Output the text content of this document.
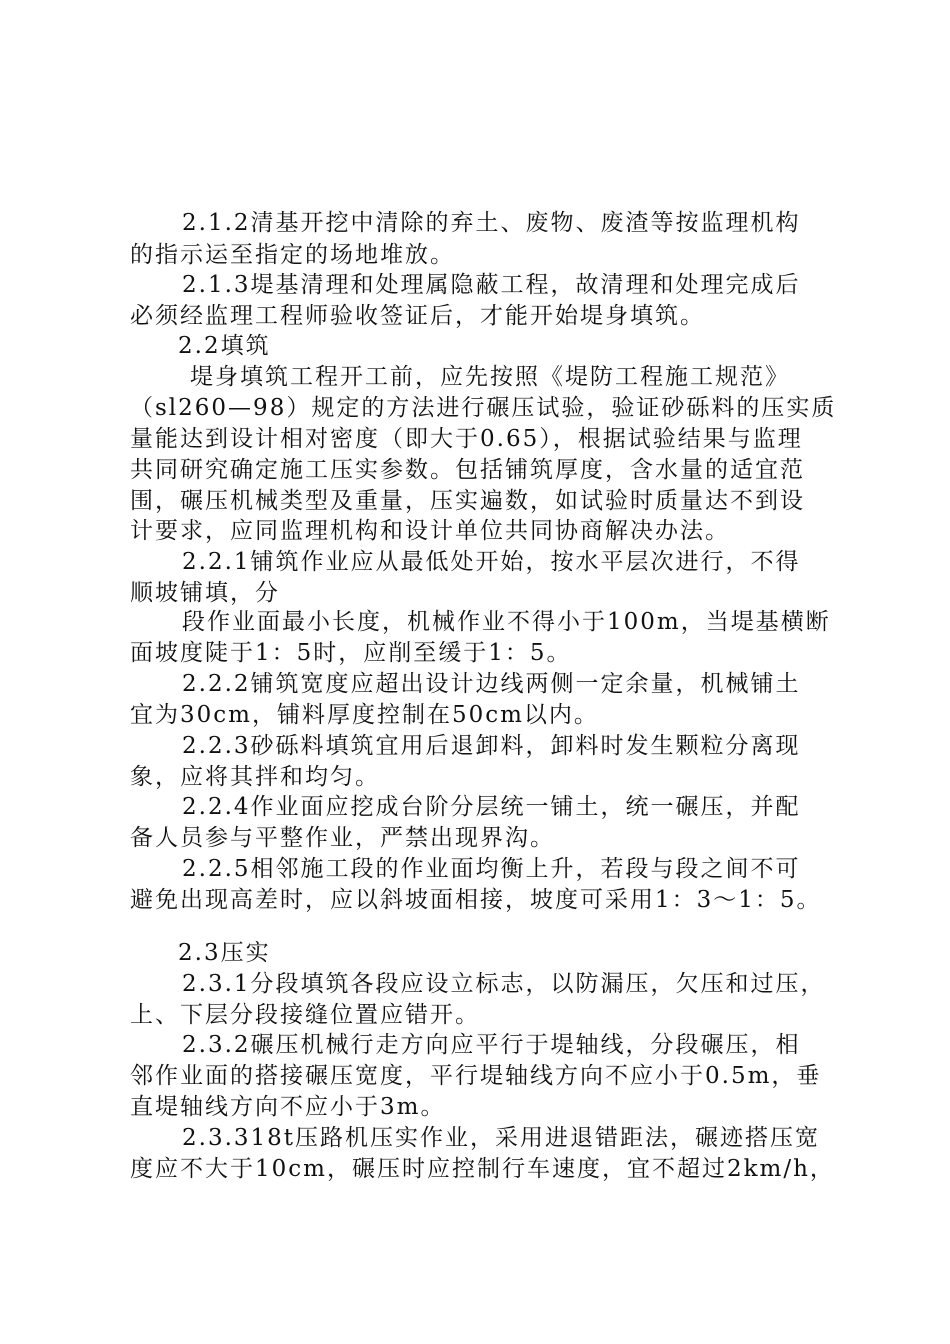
2.1.2清基开挖中清除的弃土、废物、废渣等按监理机构
的指示运至指定的场地堆放。
2.1.3堤基清理和处理属隐蔽工程，故清理和处理完成后
必须经监理工程师验收签证后，才能开始堤身填筑。
2.2填筑
堤身填筑工程开工前，应先按照《堤防工程施工规范》
（sl260—98）规定的方法进行碾压试验，验证砂砾料的压实质
量能达到设计相对密度（即大于0.65），根据试验结果与监理
共同研究确定施工压实参数。包括铺筑厚度，含水量的适宜范
围，碾压机械类型及重量，压实遍数，如试验时质量达不到设
计要求，应同监理机构和设计单位共同协商解决办法。
2.2.1铺筑作业应从最低处开始，按水平层次进行，不得
顺坡铺填，分
段作业面最小长度，机械作业不得小于100m，当堤基横断
面坡度陡于1：5时，应削至缓于1：5。
2.2.2铺筑宽度应超出设计边线两侧一定余量，机械铺土
宜为30cm，铺料厚度控制在50cm以内。
2.2.3砂砾料填筑宜用后退卸料，卸料时发生颗粒分离现
象，应将其拌和均匀。
2.2.4作业面应挖成台阶分层统一铺土，统一碾压，并配
备人员参与平整作业，严禁出现界沟。
2.2.5相邻施工段的作业面均衡上升，若段与段之间不可
避免出现高差时，应以斜坡面相接，坡度可采用1：3～1：5。
2.3压实
2.3.1分段填筑各段应设立标志，以防漏压，欠压和过压，
上、下层分段接缝位置应错开。
2.3.2碾压机械行走方向应平行于堤轴线，分段碾压，相
邻作业面的搭接碾压宽度，平行堤轴线方向不应小于0.5m，垂
直堤轴线方向不应小于3m。
2.3.318t压路机压实作业，采用进退错距法，碾迹搭压宽
度应不大于10cm，碾压时应控制行车速度，宜不超过2km/h，
